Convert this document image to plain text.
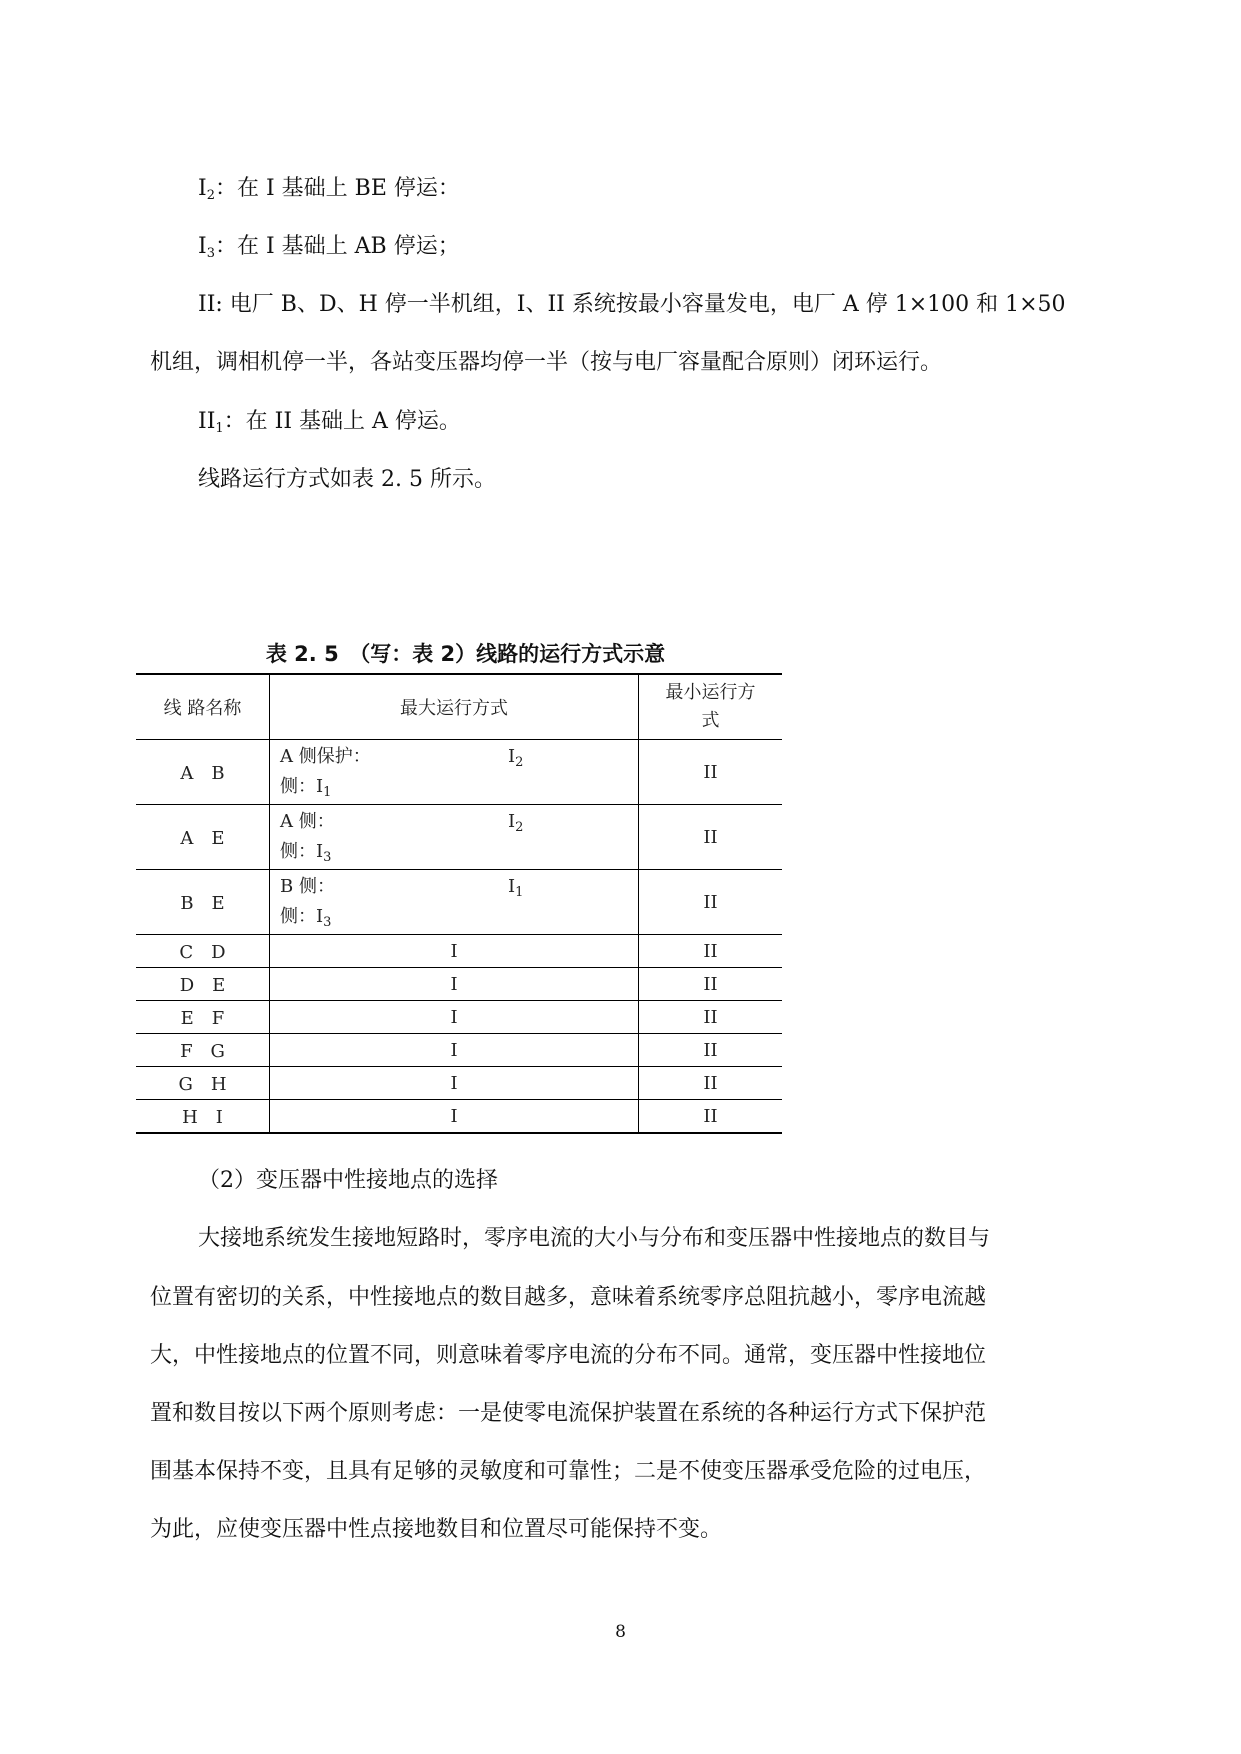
$I_2$：在 I 基础上 BE 停运：
$I_3$：在 I 基础上 AB 停运；
II: 电厂 B、D、H 停一半机组，I、II 系统按最小容量发电，电厂 A 停 1×100 和 1×50
机组，调相机停一半，各站变压器均停一半（按与电厂容量配合原则）闭环运行。
$II_1$：在 II 基础上 A 停运。
线路运行方式如表 2. 5 所示。
表 2. 5　（写：表 2）线路的运行方式示意
线 路名称	最大运行方式	最小运行方
式

A　B	A 侧保护： $I_2$
侧：$I_1$	II
A　E	A 侧： $I_2$
侧：$I_3$	II
B　E	B 侧： $I_1$
侧：$I_3$	II
C　D	I	II
D　E	I	II
E　F	I	II
F　G	I	II
G　H	I	II
H　I	I	II
（2）变压器中性接地点的选择
大接地系统发生接地短路时，零序电流的大小与分布和变压器中性接地点的数目与
位置有密切的关系，中性接地点的数目越多，意味着系统零序总阻抗越小，零序电流越
大，中性接地点的位置不同，则意味着零序电流的分布不同。通常，变压器中性接地位
置和数目按以下两个原则考虑：一是使零电流保护装置在系统的各种运行方式下保护范
围基本保持不变，且具有足够的灵敏度和可靠性；二是不使变压器承受危险的过电压，
为此，应使变压器中性点接地数目和位置尽可能保持不变。
8
